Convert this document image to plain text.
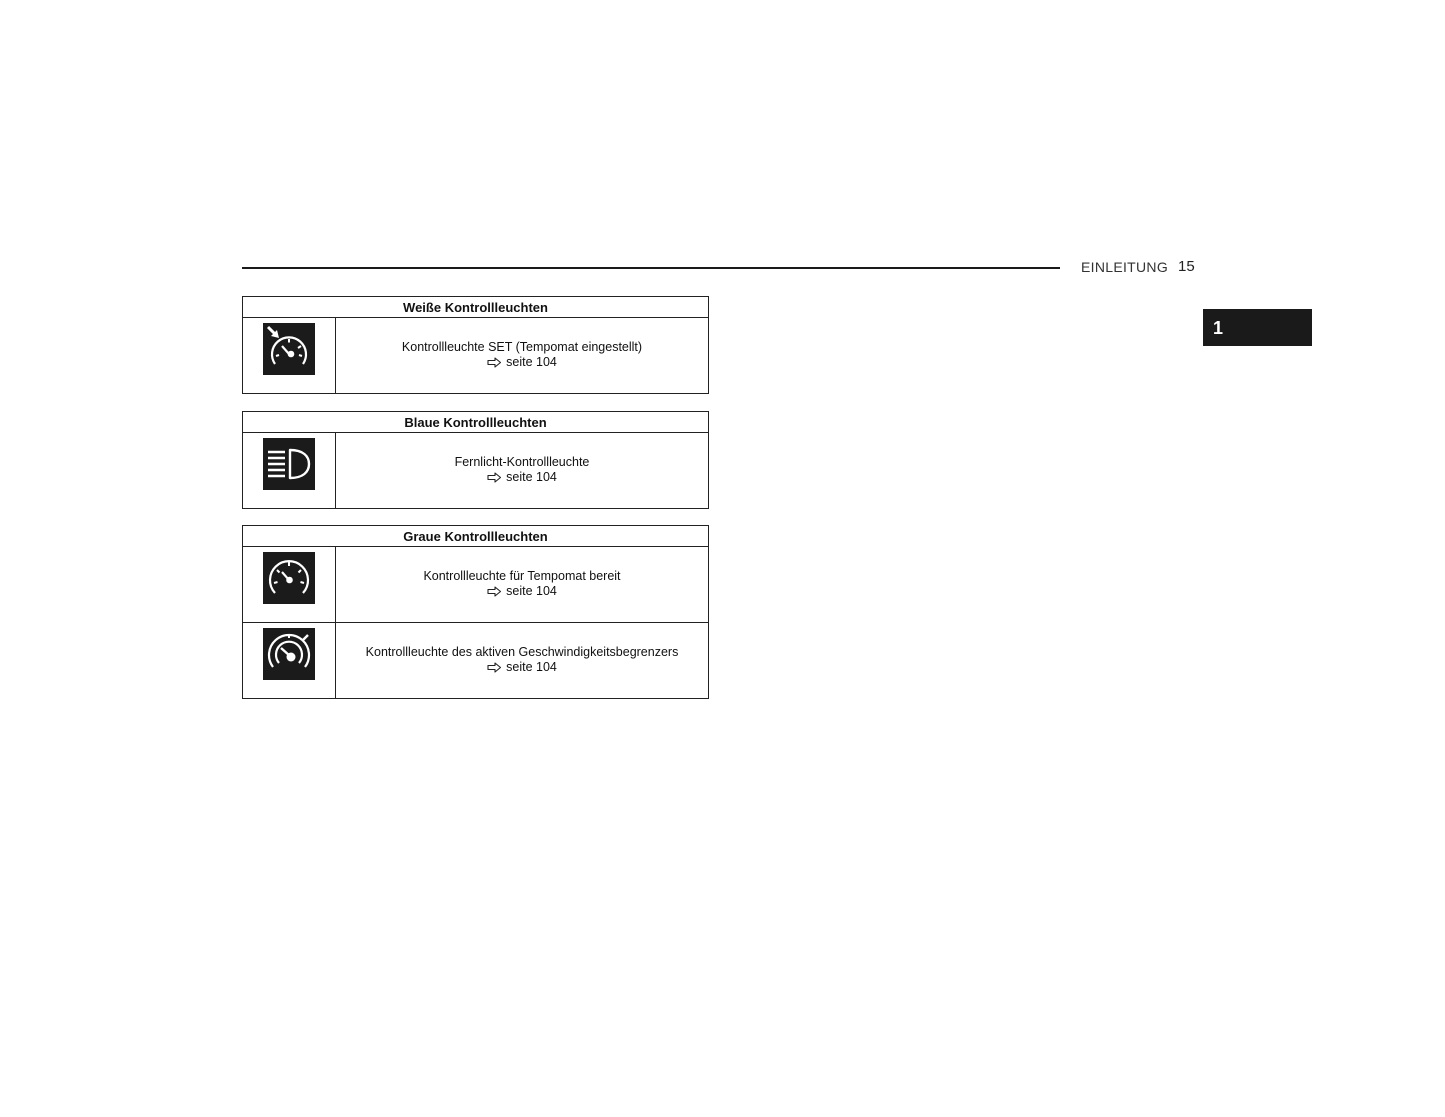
EINLEITUNG 15
1
Weiße Kontrollleuchten

Kontrollleuchte SET (Tempomat eingestellt)
seite 104
Blaue Kontrollleuchten

Fernlicht-Kontrollleuchte
seite 104
Graue Kontrollleuchten	

Kontrollleuchte für Tempomat bereit
seite 104

Kontrollleuchte des aktiven Geschwindigkeitsbegrenzers
seite 104
